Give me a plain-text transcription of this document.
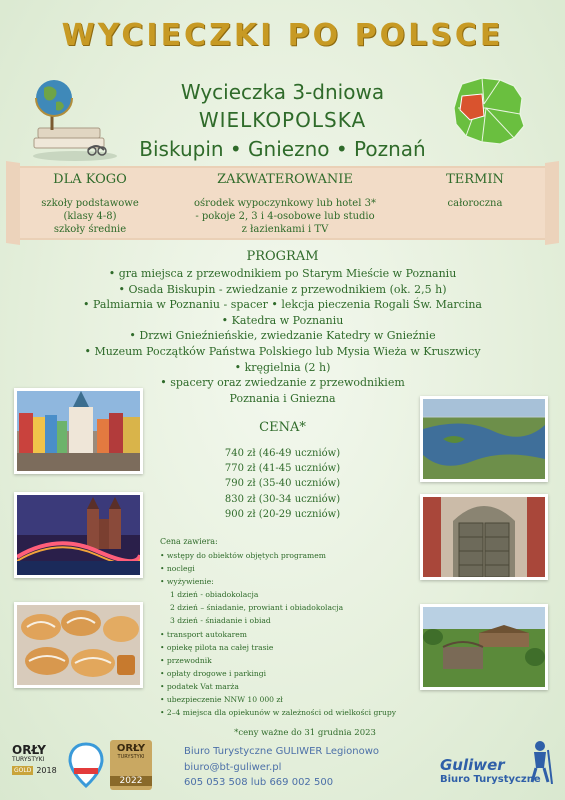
WYCIECZKI PO POLSCE
Wycieczka 3-dniowa
WIELKOPOLSKA
Biskupin • Gniezno • Poznań
DLA KOGO
szkoły podstawowe
(klasy 4-8)
szkoły średnie
ZAKWATEROWANIE
ośrodek wypoczynkowy lub hotel 3*
- pokoje 2, 3 i 4-osobowe lub studio
z łazienkami i TV
TERMIN
całoroczna
PROGRAM
• gra miejsca z przewodnikiem po Starym Mieście w Poznaniu
• Osada Biskupin - zwiedzanie z przewodnikiem (ok. 2,5 h)
• Palmiarnia w Poznaniu - spacer • lekcja pieczenia Rogali Św. Marcina
• Katedra w Poznaniu
• Drzwi Gnieźnieńskie, zwiedzanie Katedry w Gnieźnie
• Muzeum Początków Państwa Polskiego lub Mysia Wieża w Kruszwicy
• kręgielnia (2 h)
• spacery oraz zwiedzanie z przewodnikiem
Poznania i Gniezna
CENA*
740 zł (46-49 uczniów)
770 zł (41-45 uczniów)
790 zł (35-40 uczniów)
830 zł (30-34 uczniów)
900 zł (20-29 uczniów)
Cena zawiera:
• wstępy do obiektów objętych programem
• noclegi
• wyżywienie:
1 dzień - obiadokolacja
2 dzień – śniadanie, prowiant i obiadokolacja
3 dzień - śniadanie i obiad
• transport autokarem
• opiekę pilota na całej trasie
• przewodnik
• opłaty drogowe i parkingi
• podatek Vat marża
• ubezpieczenie NNW 10 000 zł
• 2–4 miejsca dla opiekunów w zależności od wielkości grupy
*ceny ważne do 31 grudnia 2023
Biuro Turystyczne GULIWER Legionowo
biuro@bt-guliwer.pl
605 053 508 lub 669 002 500
ORŁY
TURYSTYKI
GOLD 2018
ORŁY
TURYSTYKI
2022
Guliwer
Biuro Turystyczne
